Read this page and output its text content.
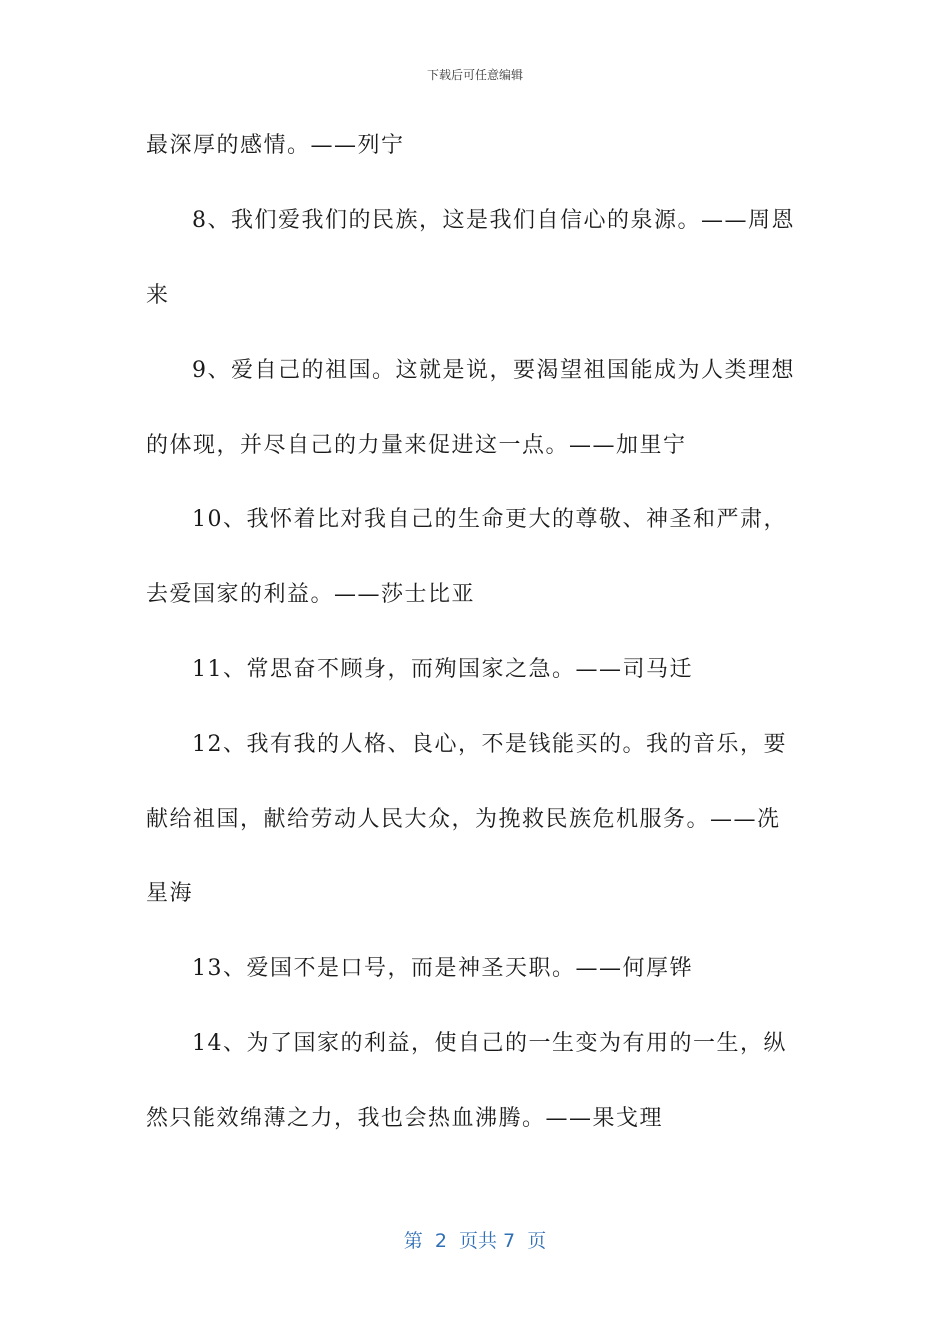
下载后可任意编辑
最深厚的感情。——列宁
8、我们爱我们的民族，这是我们自信心的泉源。——周恩
来
9、爱自己的祖国。这就是说，要渴望祖国能成为人类理想
的体现，并尽自己的力量来促进这一点。——加里宁
10、我怀着比对我自己的生命更大的尊敬、神圣和严肃，
去爱国家的利益。——莎士比亚
11、常思奋不顾身，而殉国家之急。——司马迁
12、我有我的人格、良心，不是钱能买的。我的音乐，要
献给祖国，献给劳动人民大众，为挽救民族危机服务。——冼
星海
13、爱国不是口号，而是神圣天职。——何厚铧
14、为了国家的利益，使自己的一生变为有用的一生，纵
然只能效绵薄之力，我也会热血沸腾。——果戈理
第  2  页共 7  页
